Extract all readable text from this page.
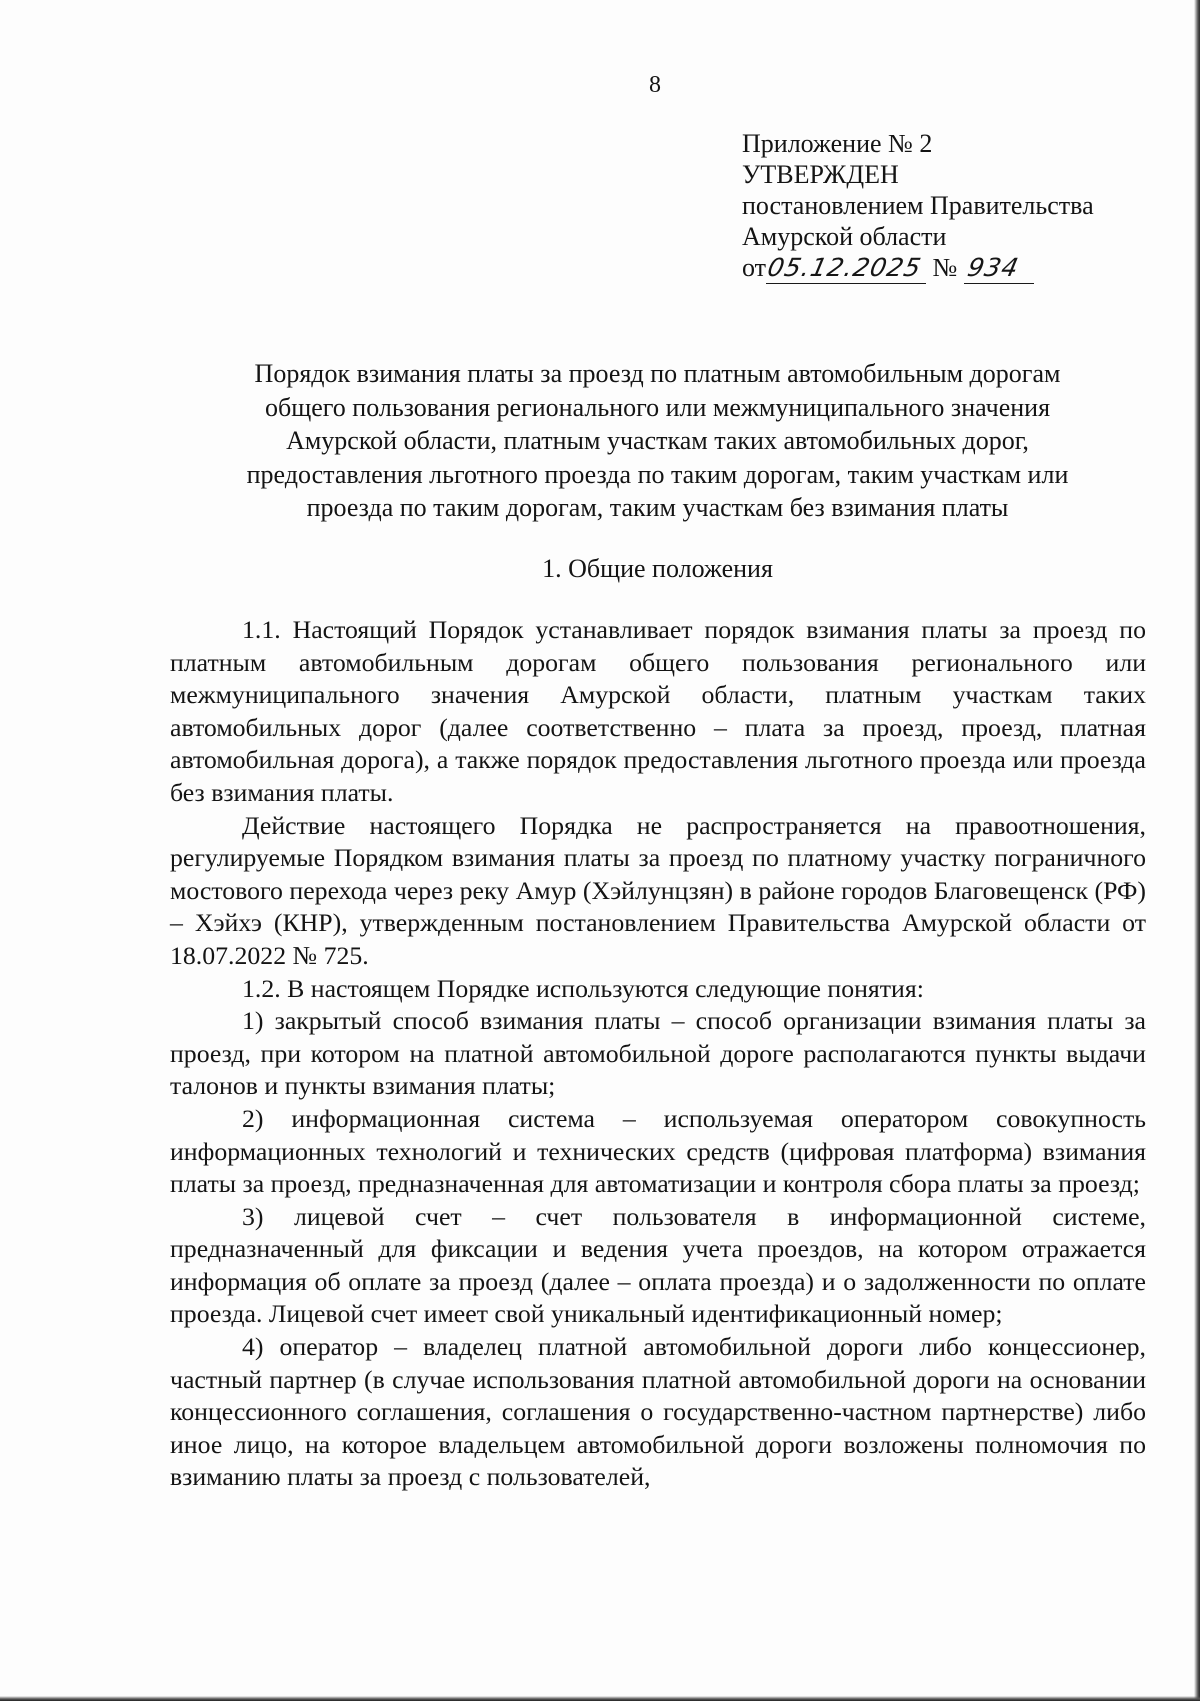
8
Приложение № 2
УТВЕРЖДЕН
постановлением Правительства
Амурской области
от05.12.2025 № 934
Порядок взимания платы за проезд по платным автомобильным дорогам
общего пользования регионального или межмуниципального значения
Амурской области, платным участкам таких автомобильных дорог,
предоставления льготного проезда по таким дорогам, таким участкам или
проезда по таким дорогам, таким участкам без взимания платы
1. Общие положения

1.1. Настоящий Порядок устанавливает порядок взимания платы за проезд по платным автомобильным дорогам общего пользования регионального или межмуниципального значения Амурской области, платным участкам таких автомобильных дорог (далее соответственно – плата за проезд, проезд, платная автомобильная дорога), а также порядок предоставления льготного проезда или проезда без взимания платы.

Действие настоящего Порядка не распространяется на правоотношения, регулируемые Порядком взимания платы за проезд по платному участку пограничного мостового перехода через реку Амур (Хэйлунцзян) в районе городов Благовещенск (РФ) – Хэйхэ (КНР), утвержденным постановлением Правительства Амурской области от 18.07.2022 № 725.

1.2. В настоящем Порядке используются следующие понятия:

1) закрытый способ взимания платы – способ организации взимания платы за проезд, при котором на платной автомобильной дороге располагаются пункты выдачи талонов и пункты взимания платы;

2) информационная система – используемая оператором совокупность информационных технологий и технических средств (цифровая платформа) взимания платы за проезд, предназначенная для автоматизации и контроля сбора платы за проезд;

3) лицевой счет – счет пользователя в информационной системе, предназначенный для фиксации и ведения учета проездов, на котором отражается информация об оплате за проезд (далее – оплата проезда) и о задолженности по оплате проезда. Лицевой счет имеет свой уникальный идентификационный номер;

4) оператор – владелец платной автомобильной дороги либо концессионер, частный партнер (в случае использования платной автомобильной дороги на основании концессионного соглашения, соглашения о государственно-частном партнерстве) либо иное лицо, на которое владельцем автомобильной дороги возложены полномочия по взиманию платы за проезд с пользователей,
